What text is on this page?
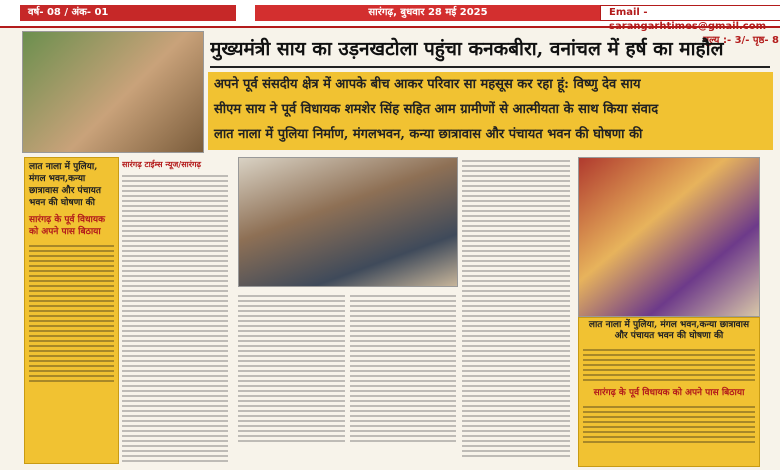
वर्ष- 08 / अंक- 01	सारंगढ़, बुधवार 28 मई 2025	Email - sarangarhtimes@gmail.com
मूल्य :- 3/- पृष्ठ- 8
मुख्यमंत्री साय का उड़नखटोला पहुंचा कनकबीरा, वनांचल में हर्ष का माहौल
अपने पूर्व संसदीय क्षेत्र में आपके बीच आकर परिवार सा महसूस कर रहा हूं: विष्णु देव साय
सीएम साय ने पूर्व विधायक शमशेर सिंह सहित आम ग्रामीणों से आत्मीयता के साथ किया संवाद
लात नाला में पुलिया निर्माण, मंगलभवन, कन्या छात्रावास और पंचायत भवन की घोषणा की
लात नाला में पुलिया, मंगल भवन,कन्या छात्रावास और पंचायत भवन की घोषणा की
सारंगढ़ के पूर्व विधायक को अपने पास बिठाया
सारंगढ़ टाईम्स न्यूज/सारंगढ़
लात नाला में पुलिया, मंगल भवन,कन्या छात्रावास और पंचायत भवन की घोषणा की
सारंगढ़ के पूर्व विधायक को अपने पास बिठाया
